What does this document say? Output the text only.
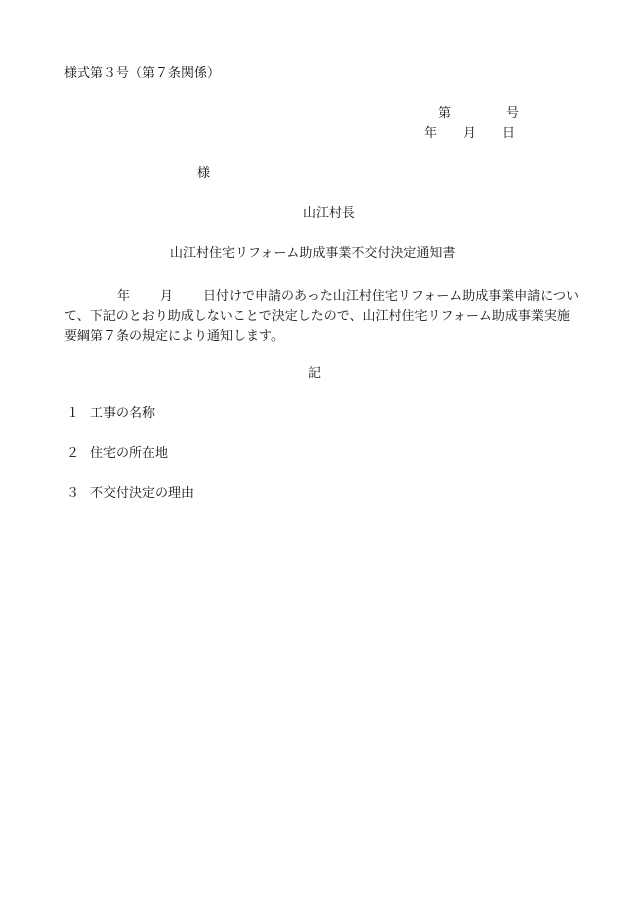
様式第３号（第７条関係）
第	号
年 月 日
様
山江村長
山江村住宅リフォーム助成事業不交付決定通知書
年 月 日付けで申請のあった山江村住宅リフォーム助成事業申請について、下記のとおり助成しないことで決定したので、山江村住宅リフォーム助成事業実施要綱第７条の規定により通知します。
記
１ 工事の名称
２ 住宅の所在地
３ 不交付決定の理由
